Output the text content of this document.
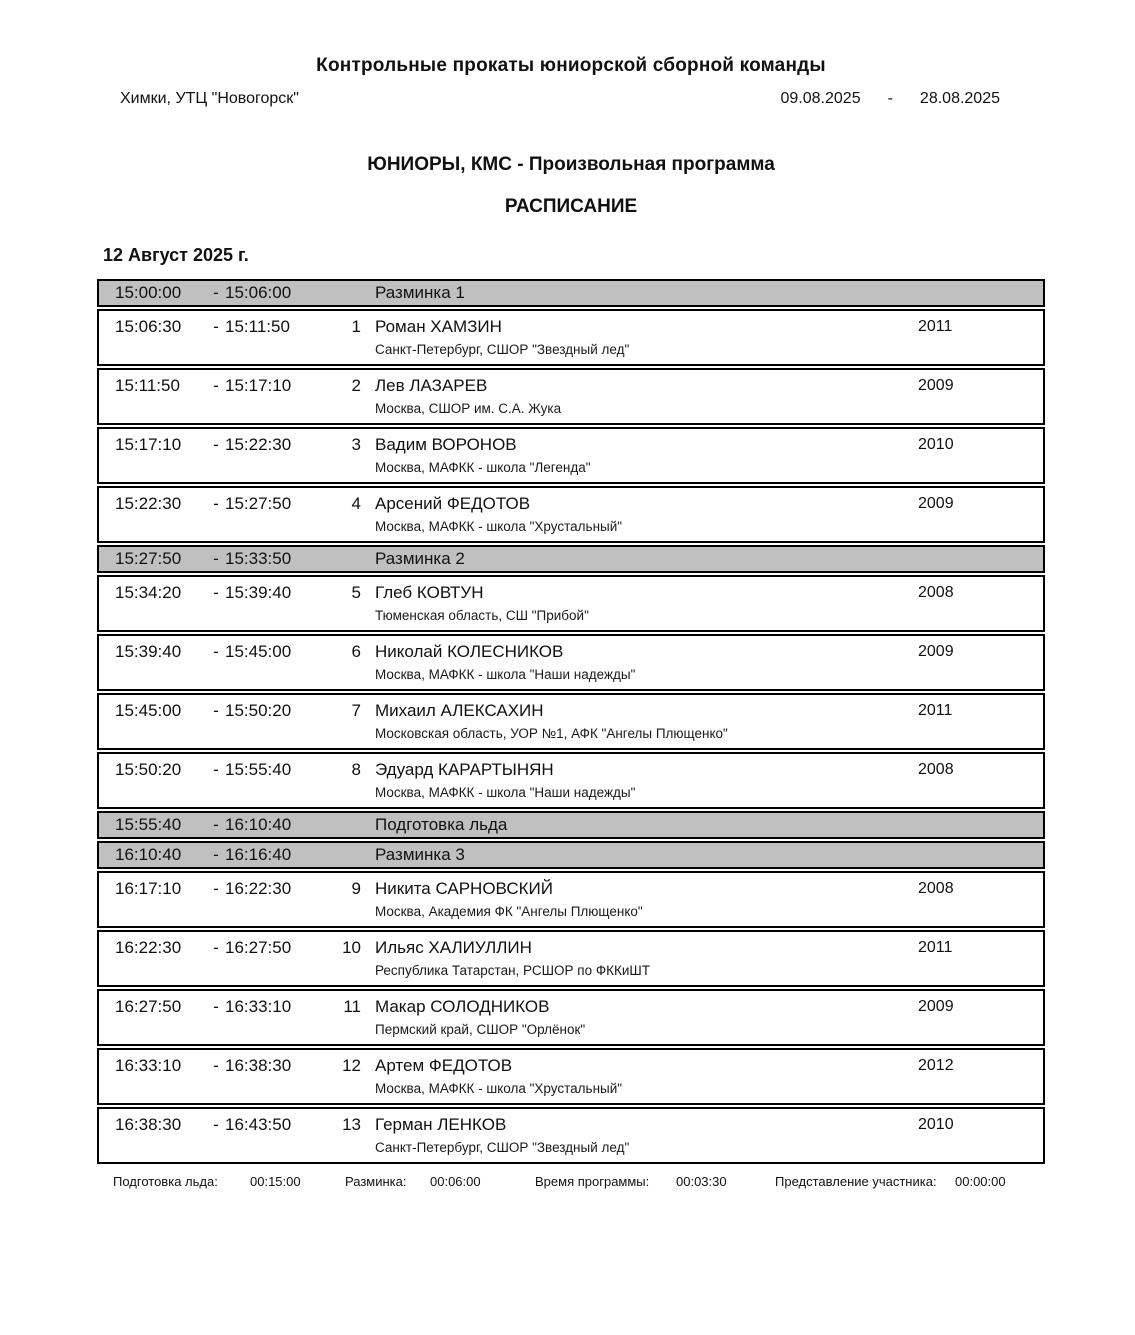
Контрольные прокаты юниорской сборной команды
Химки, УТЦ "Новогорск"	09.08.2025 - 28.08.2025
ЮНИОРЫ, КМС - Произвольная программа
РАСПИСАНИЕ
12 Август 2025 г.
15:00:00	- 15:06:00	Разминка 1
15:06:30	- 15:11:50	1 Роман ХАМЗИН	2011
Санкт-Петербург, СШОР "Звездный лед"
15:11:50	- 15:17:10	2 Лев ЛАЗАРЕВ	2009
Москва, СШОР им. С.А. Жука
15:17:10	- 15:22:30	3 Вадим ВОРОНОВ	2010
Москва, МАФКК - школа "Легенда"
15:22:30	- 15:27:50	4 Арсений ФЕДОТОВ	2009
Москва, МАФКК - школа "Хрустальный"
15:27:50	- 15:33:50	Разминка 2
15:34:20	- 15:39:40	5 Глеб КОВТУН	2008
Тюменская область, СШ "Прибой"
15:39:40	- 15:45:00	6 Николай КОЛЕСНИКОВ	2009
Москва, МАФКК - школа "Наши надежды"
15:45:00	- 15:50:20	7 Михаил АЛЕКСАХИН	2011
Московская область, УОР №1, АФК "Ангелы Плющенко"
15:50:20	- 15:55:40	8 Эдуард КАРАРТЫНЯН	2008
Москва, МАФКК - школа "Наши надежды"
15:55:40	- 16:10:40	Подготовка льда
16:10:40	- 16:16:40	Разминка 3
16:17:10	- 16:22:30	9 Никита САРНОВСКИЙ	2008
Москва, Академия ФК "Ангелы Плющенко"
16:22:30	- 16:27:50	10 Ильяс ХАЛИУЛЛИН	2011
Республика Татарстан, РСШОР по ФККиШТ
16:27:50	- 16:33:10	11 Макар СОЛОДНИКОВ	2009
Пермский край, СШОР "Орлёнок"
16:33:10	- 16:38:30	12 Артем ФЕДОТОВ	2012
Москва, МАФКК - школа "Хрустальный"
16:38:30	- 16:43:50	13 Герман ЛЕНКОВ	2010
Санкт-Петербург, СШОР "Звездный лед"
Подготовка льда:	00:15:00	Разминка:	00:06:00	Время программы:	00:03:30	Представление участника:	00:00:00
